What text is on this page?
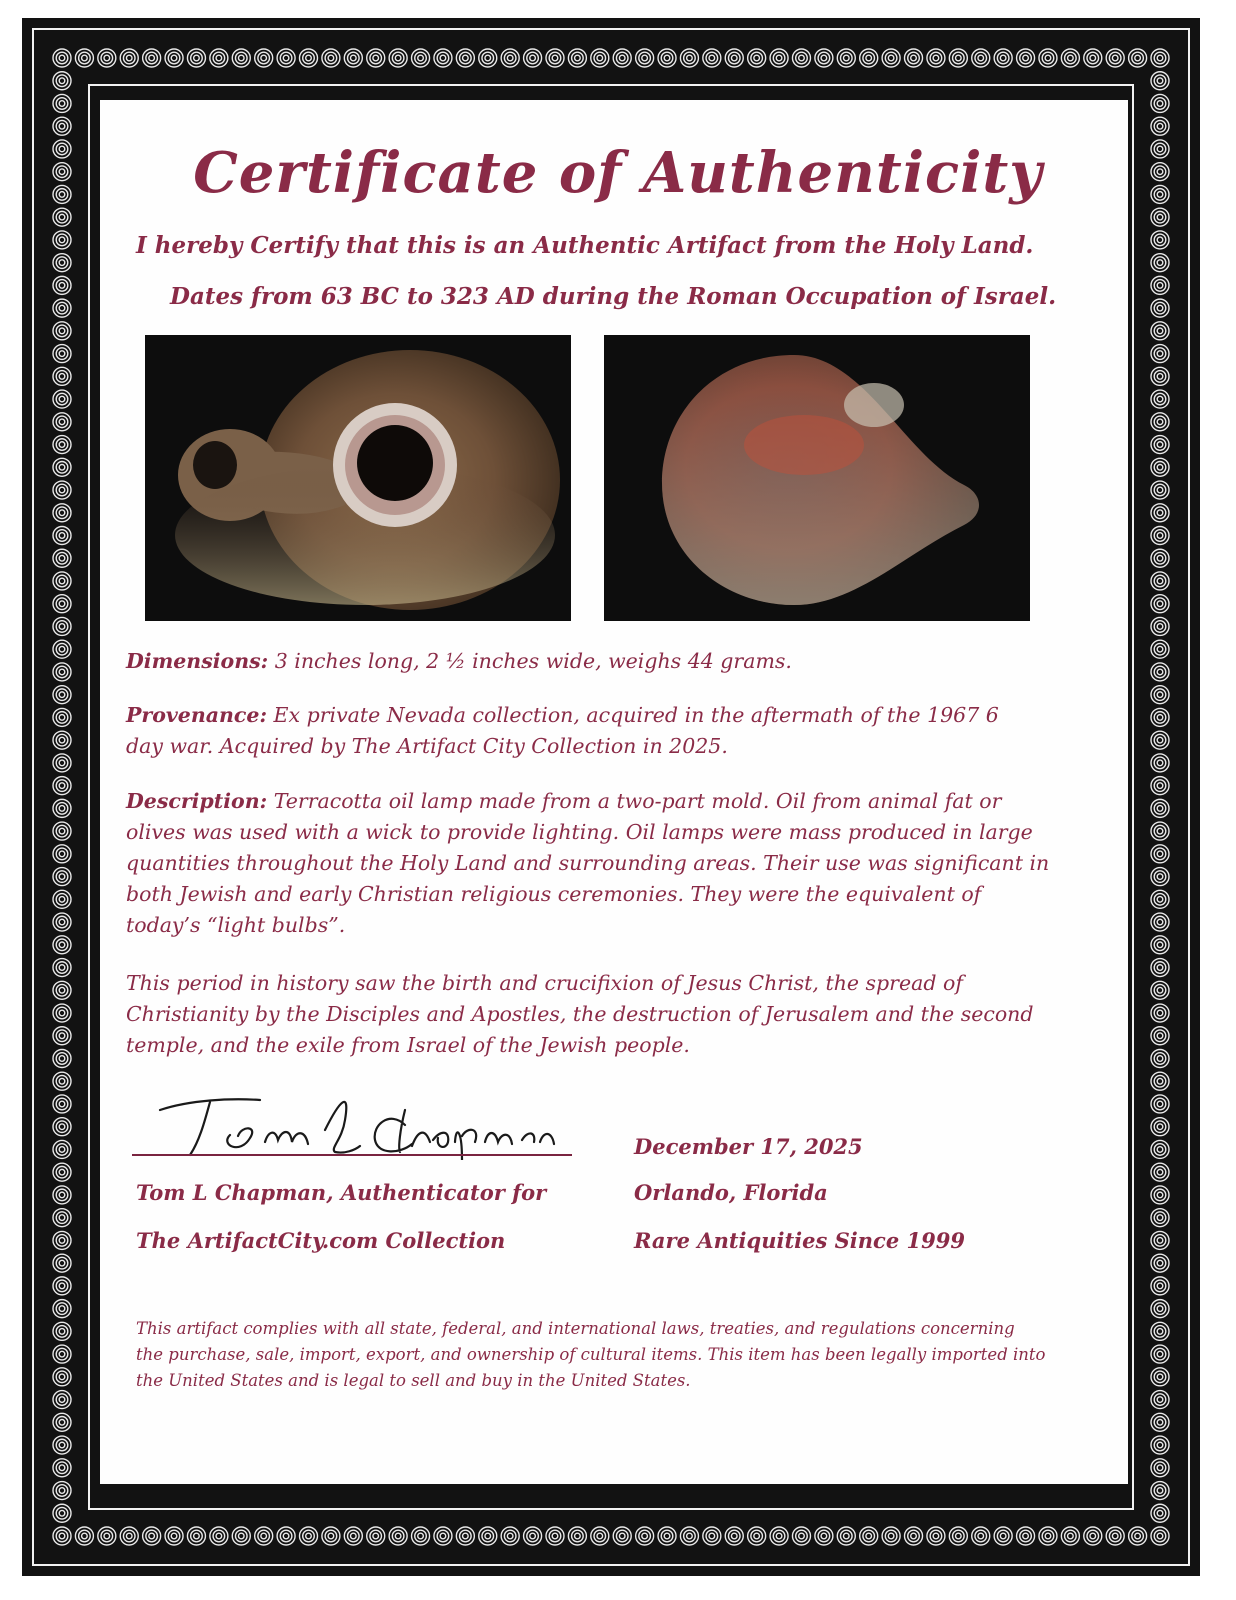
Certificate of Authenticity
I hereby Certify that this is an Authentic Artifact from the Holy Land.
Dates from 63 BC to 323 AD during the Roman Occupation of Israel.
Dimensions: 3 inches long, 2 ½ inches wide, weighs 44 grams.
Provenance: Ex private Nevada collection, acquired in the aftermath of the 1967 6 day war. Acquired by The Artifact City Collection in 2025.
Description: Terracotta oil lamp made from a two-part mold. Oil from animal fat or olives was used with a wick to provide lighting. Oil lamps were mass produced in large quantities throughout the Holy Land and surrounding areas. Their use was significant in both Jewish and early Christian religious ceremonies. They were the equivalent of today’s “light bulbs”.
This period in history saw the birth and crucifixion of Jesus Christ, the spread of Christianity by the Disciples and Apostles, the destruction of Jerusalem and the second temple, and the exile from Israel of the Jewish people.
Tom L Chapman, Authenticator for
The ArtifactCity.com Collection
December 17, 2025
Orlando, Florida
Rare Antiquities Since 1999
This artifact complies with all state, federal, and international laws, treaties, and regulations concerning the purchase, sale, import, export, and ownership of cultural items. This item has been legally imported into the United States and is legal to sell and buy in the United States.
